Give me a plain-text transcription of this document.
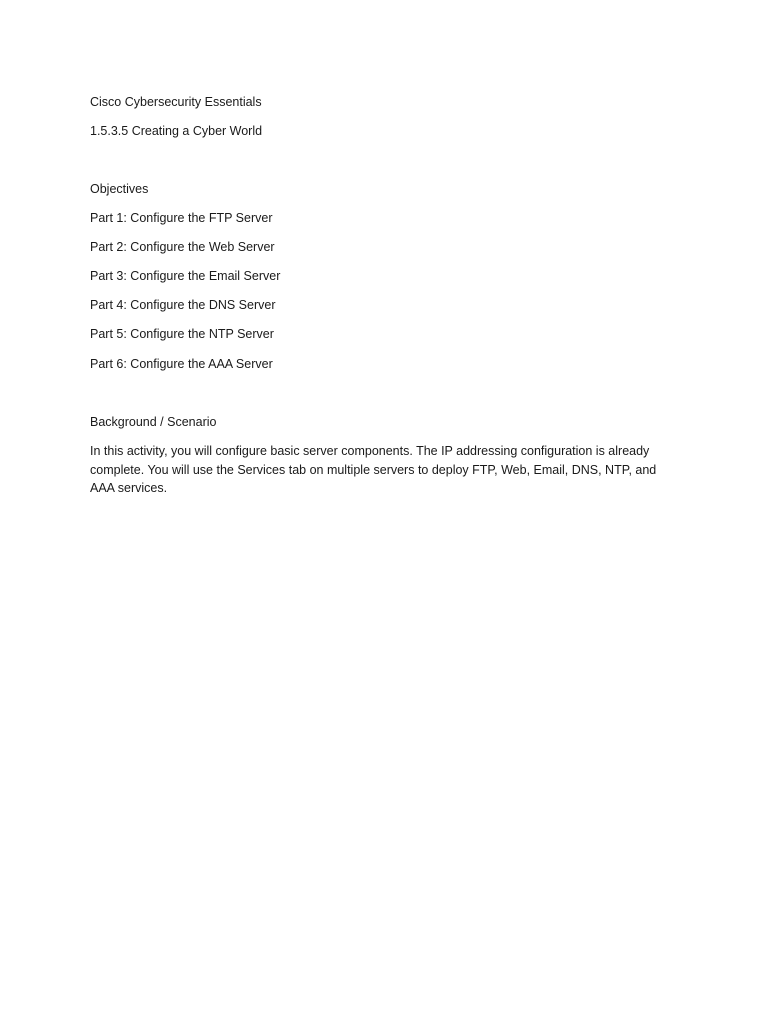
Cisco Cybersecurity Essentials
1.5.3.5 Creating a Cyber World
Objectives
Part 1: Configure the FTP Server
Part 2: Configure the Web Server
Part 3: Configure the Email Server
Part 4: Configure the DNS Server
Part 5: Configure the NTP Server
Part 6: Configure the AAA Server
Background / Scenario
In this activity, you will configure basic server components. The IP addressing configuration is already complete. You will use the Services tab on multiple servers to deploy FTP, Web, Email, DNS, NTP, and AAA services.
